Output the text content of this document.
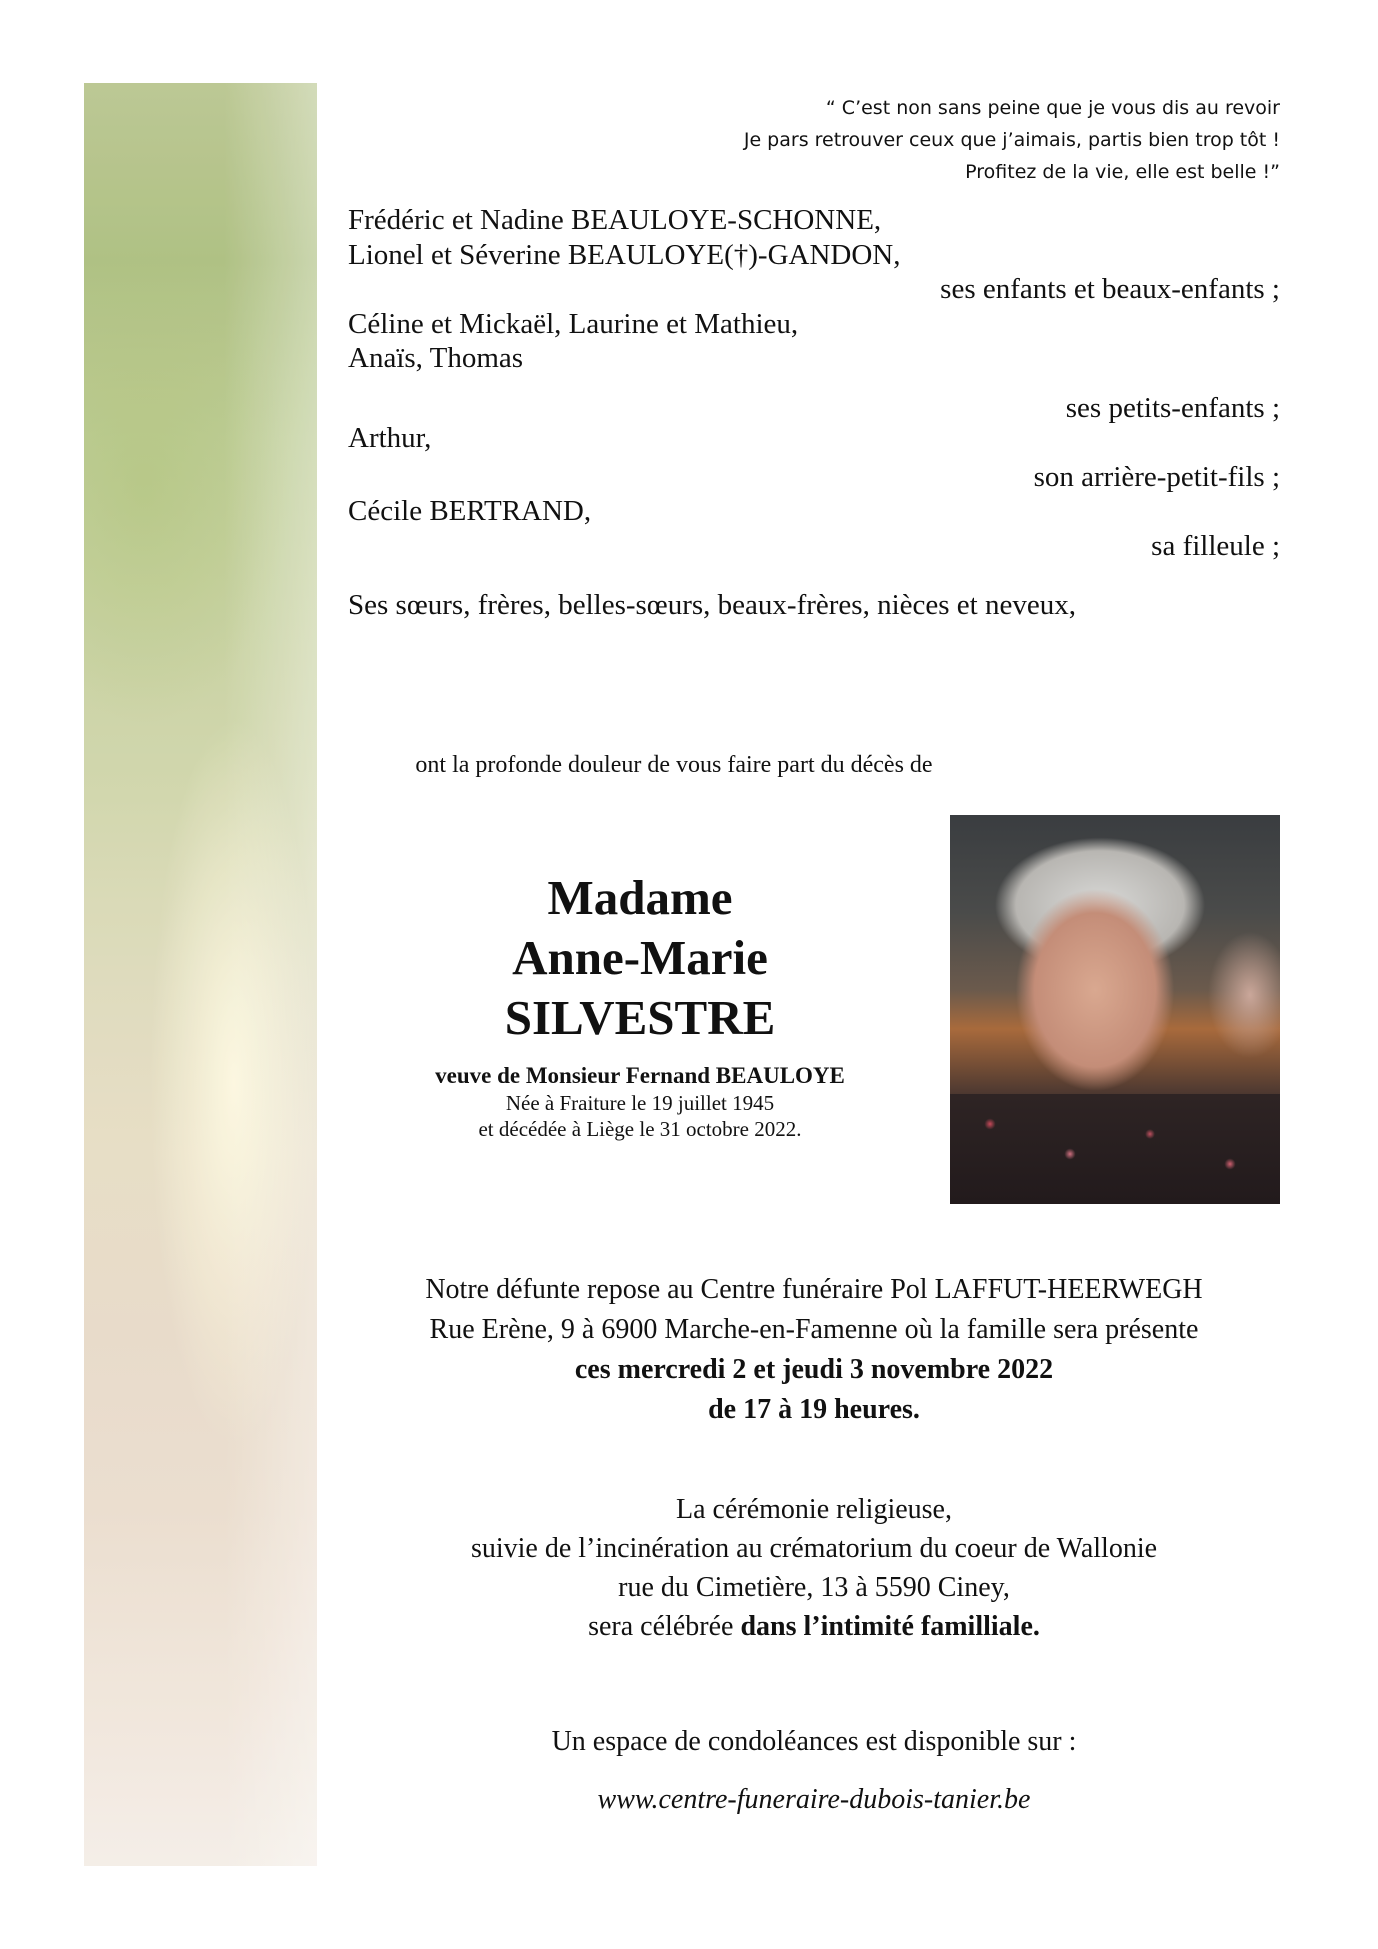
“ C’est non sans peine que je vous dis au revoir
Je pars retrouver ceux que j’aimais, partis bien trop tôt !
Profitez de la vie, elle est belle !”
Frédéric et Nadine BEAULOYE-SCHONNE,
Lionel et Séverine BEAULOYE(†)-GANDON,
ses enfants et beaux-enfants ;
Céline et Mickaël, Laurine et Mathieu,
Anaïs, Thomas
ses petits-enfants ;
Arthur,
son arrière-petit-fils ;
Cécile BERTRAND,
sa filleule ;
Ses sœurs, frères, belles-sœurs, beaux-frères, nièces et neveux,
ont la profonde douleur de vous faire part du décès de
Madame
Anne-Marie
SILVESTRE
veuve de Monsieur Fernand BEAULOYE
Née à Fraiture le 19 juillet 1945
et décédée à Liège le 31 octobre 2022.
Notre défunte repose au Centre funéraire Pol LAFFUT-HEERWEGH
Rue Erène, 9 à 6900 Marche-en-Famenne où la famille sera présente
ces mercredi 2 et jeudi 3 novembre 2022
de 17 à 19 heures.
La cérémonie religieuse,
suivie de l’incinération au crématorium du coeur de Wallonie
rue du Cimetière, 13 à 5590 Ciney,
sera célébrée dans l’intimité familliale.
Un espace de condoléances est disponible sur :
www.centre-funeraire-dubois-tanier.be
